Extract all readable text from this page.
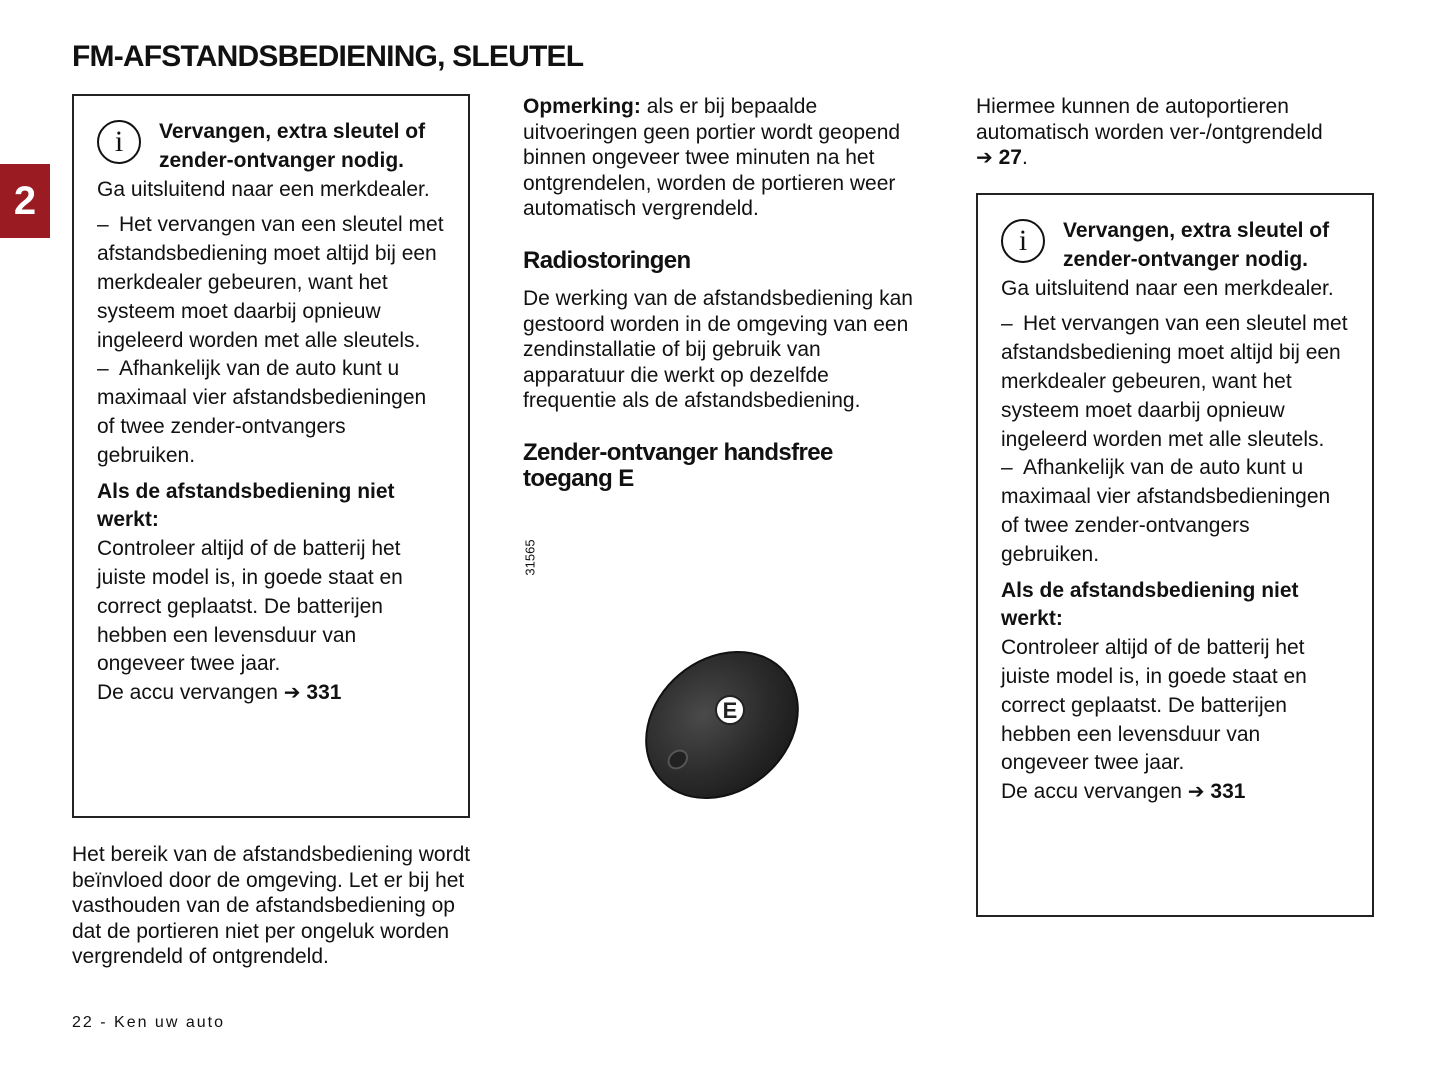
FM-AFSTANDSBEDIENING, SLEUTEL
2
i	Vervangen, extra sleutel of zender-ontvanger nodig.

Ga uitsluitend naar een merkdealer.

– Het vervangen van een sleutel met afstandsbediening moet altijd bij een merkdealer gebeuren, want het systeem moet daarbij opnieuw ingeleerd worden met alle sleutels.

– Afhankelijk van de auto kunt u maximaal vier afstandsbedieningen of twee zender-ontvangers gebruiken.

Als de afstandsbediening niet werkt:

Controleer altijd of de batterij het juiste model is, in goede staat en correct geplaatst. De batterijen hebben een levensduur van ongeveer twee jaar.

De accu vervangen ➔ 331

Het bereik van de afstandsbediening wordt beïnvloed door de omgeving. Let er bij het vasthouden van de afstandsbediening op dat de portieren niet per ongeluk worden vergrendeld of ontgrendeld.

Opmerking: als er bij bepaalde uitvoeringen geen portier wordt geopend binnen ongeveer twee minuten na het ontgrendelen, worden de portieren weer automatisch vergrendeld.

Radiostoringen

De werking van de afstandsbediening kan gestoord worden in de omgeving van een zendinstallatie of bij gebruik van apparatuur die werkt op dezelfde frequentie als de afstandsbediening.

Zender-ontvanger handsfree toegang E
31565
E

Hiermee kunnen de autoportieren automatisch worden ver-/ontgrendeld
➔ 27.

i	Vervangen, extra sleutel of zender-ontvanger nodig.

Ga uitsluitend naar een merkdealer.

– Het vervangen van een sleutel met afstandsbediening moet altijd bij een merkdealer gebeuren, want het systeem moet daarbij opnieuw ingeleerd worden met alle sleutels.

– Afhankelijk van de auto kunt u maximaal vier afstandsbedieningen of twee zender-ontvangers gebruiken.

Als de afstandsbediening niet werkt:

Controleer altijd of de batterij het juiste model is, in goede staat en correct geplaatst. De batterijen hebben een levensduur van ongeveer twee jaar.

De accu vervangen ➔ 331

22 - Ken uw auto
